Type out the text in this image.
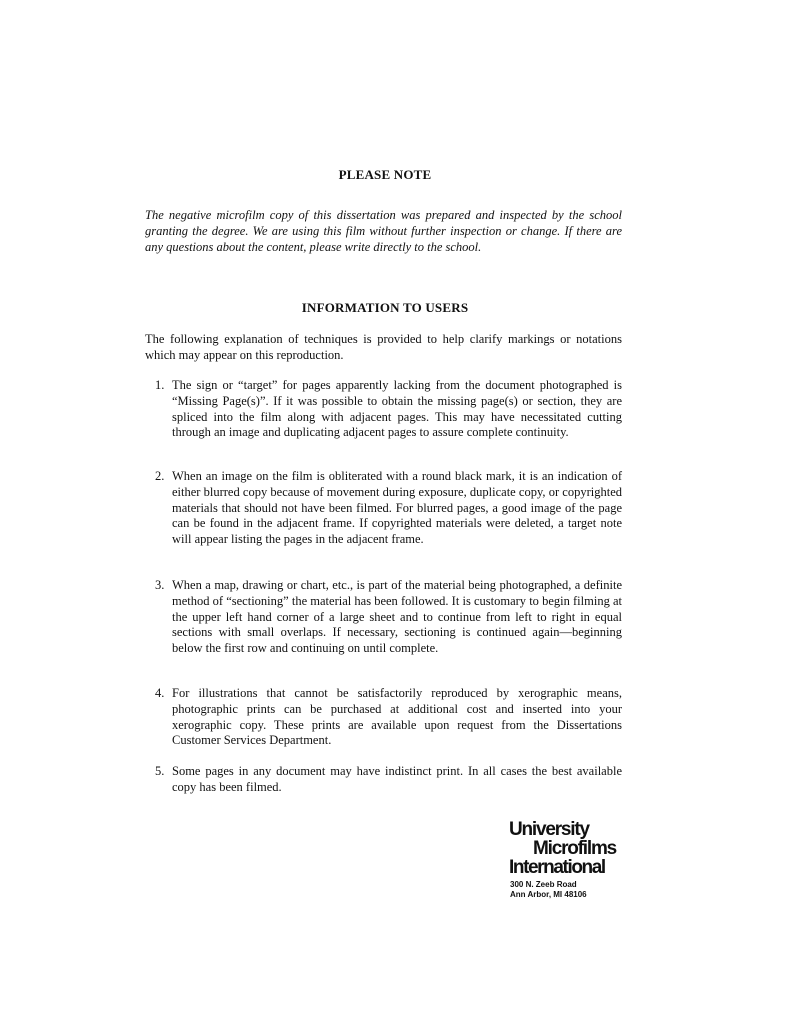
PLEASE NOTE
The negative microfilm copy of this dissertation was prepared and inspected by the school granting the degree. We are using this film without further inspection or change. If there are any questions about the content, please write directly to the school.
INFORMATION TO USERS
The following explanation of techniques is provided to help clarify markings or notations which may appear on this reproduction.
1. The sign or “target” for pages apparently lacking from the document photographed is “Missing Page(s)”. If it was possible to obtain the missing page(s) or section, they are spliced into the film along with adjacent pages. This may have necessitated cutting through an image and duplicating adjacent pages to assure complete continuity.
2. When an image on the film is obliterated with a round black mark, it is an indication of either blurred copy because of movement during exposure, duplicate copy, or copyrighted materials that should not have been filmed. For blurred pages, a good image of the page can be found in the adjacent frame. If copyrighted materials were deleted, a target note will appear listing the pages in the adjacent frame.
3. When a map, drawing or chart, etc., is part of the material being photographed, a definite method of “sectioning” the material has been followed. It is customary to begin filming at the upper left hand corner of a large sheet and to continue from left to right in equal sections with small overlaps. If necessary, sectioning is continued again—beginning below the first row and continuing on until complete.
4. For illustrations that cannot be satisfactorily reproduced by xerographic means, photographic prints can be purchased at additional cost and inserted into your xerographic copy. These prints are available upon request from the Dissertations Customer Services Department.
5. Some pages in any document may have indistinct print. In all cases the best available copy has been filmed.
University
Microfilms
International
300 N. Zeeb Road
Ann Arbor, MI 48106
